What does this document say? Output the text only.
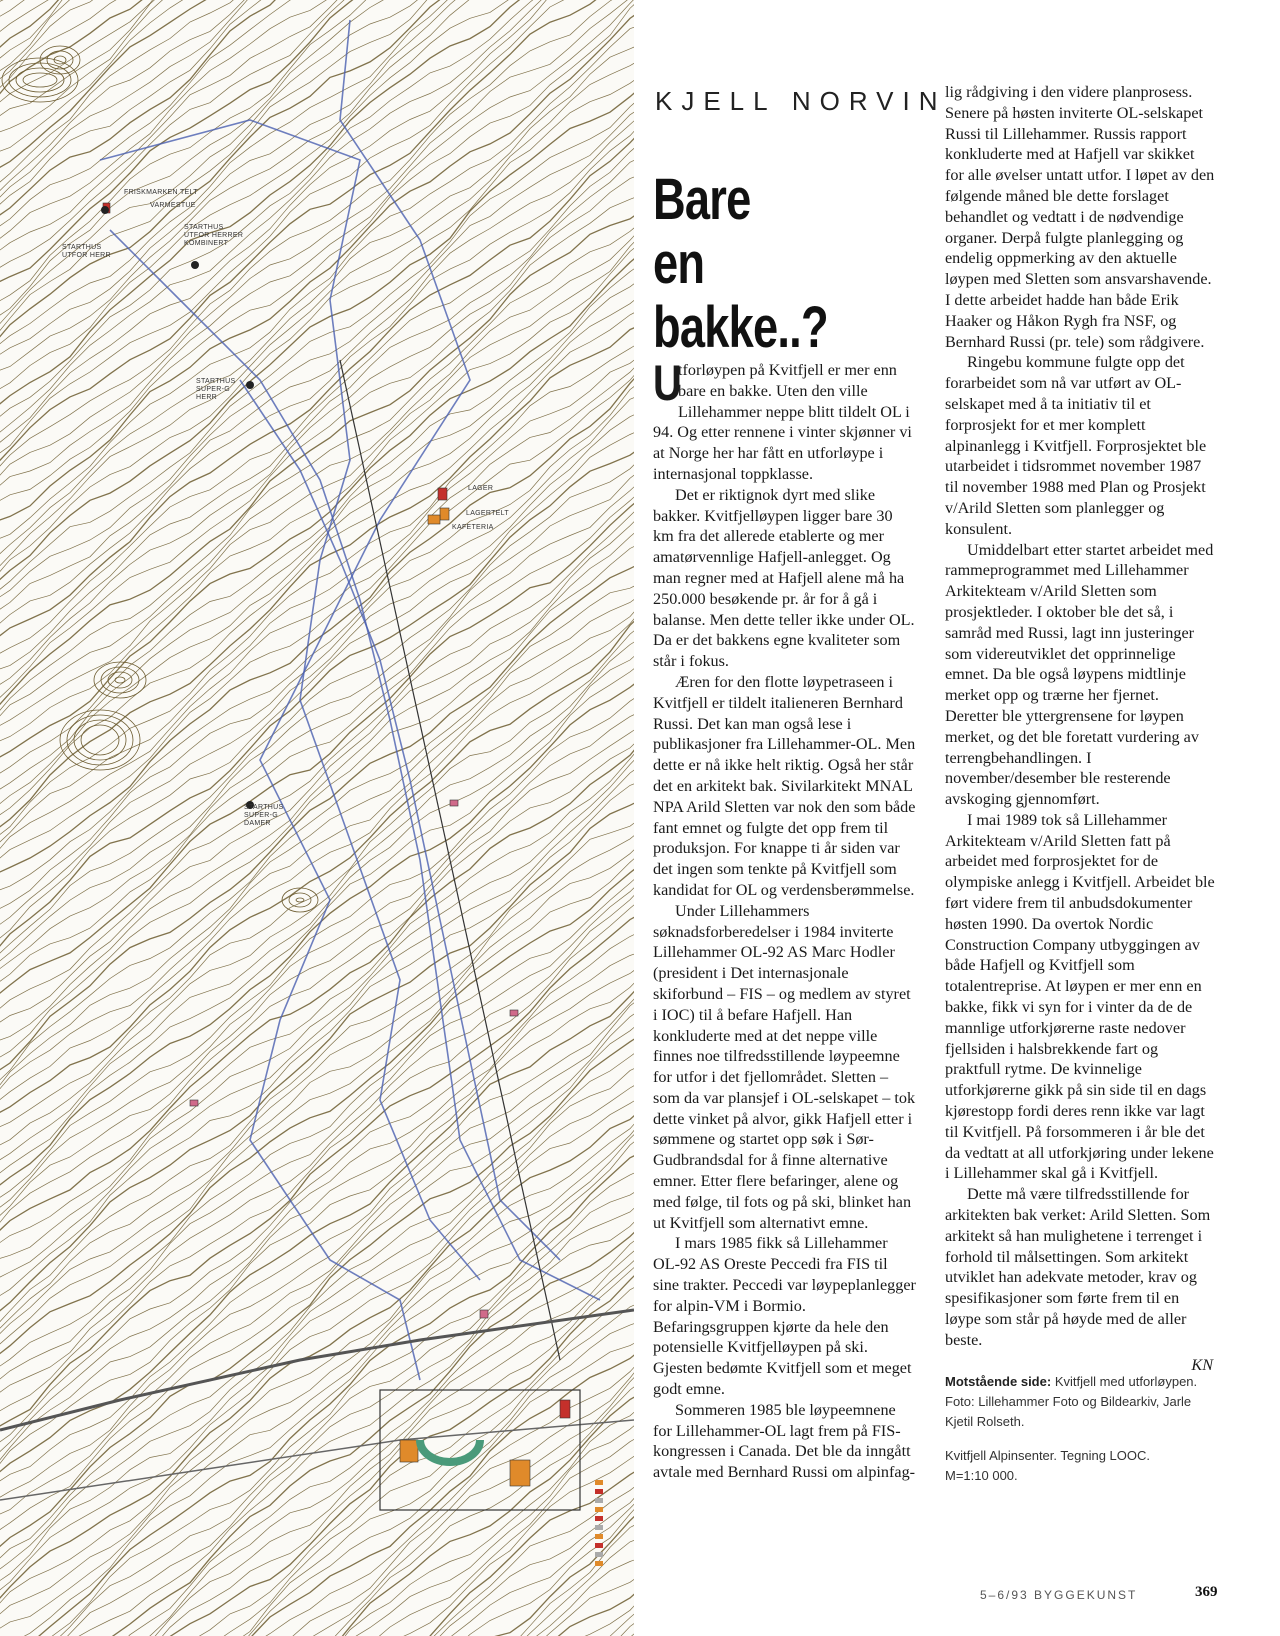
FRISKMARKEN TELT
VARMESTUE
STARTHUS
UTFOR HERRER
KOMBINERT
STARTHUS
UTFOR HERR
STARTHUS
SUPER-G
HERR
LAGER
LAGERTELT
KAFETERIA
STARTHUS
SUPER-G
DAMER
KJELL NORVIN
Bare
en bakke..?

U
tforløypen på Kvitfjell er mer enn bare en bakke. Uten den ville Lillehammer neppe blitt tildelt OL i 94. Og etter rennene i vinter skjønner vi at Norge her har fått en utforløype i internasjonal toppklasse.

Det er riktignok dyrt med slike bakker. Kvitfjelløypen ligger bare 30 km fra det allerede etablerte og mer amatørvennlige Hafjell-anlegget. Og man regner med at Hafjell alene må ha 250.000 besøkende pr. år for å gå i balanse. Men dette teller ikke under OL. Da er det bakkens egne kvaliteter som står i fokus.

Æren for den flotte løypetraseen i Kvitfjell er tildelt italieneren Bernhard Russi. Det kan man også lese i publikasjoner fra Lillehammer-OL. Men dette er nå ikke helt riktig. Også her står det en arkitekt bak. Sivilarkitekt MNAL NPA Arild Sletten var nok den som både fant emnet og fulgte det opp frem til produksjon. For knappe ti år siden var det ingen som tenkte på Kvitfjell som kandidat for OL og verdensberømmelse.

Under Lillehammers søknadsforberedelser i 1984 inviterte Lillehammer OL-92 AS Marc Hodler (president i Det internasjonale skiforbund – FIS – og medlem av styret i IOC) til å befare Hafjell. Han konkluderte med at det neppe ville finnes noe tilfredsstillende løypeemne for utfor i det fjellområdet. Sletten – som da var plansjef i OL-selskapet – tok dette vinket på alvor, gikk Hafjell etter i sømmene og startet opp søk i Sør-Gudbrandsdal for å finne alternative emner. Etter flere befaringer, alene og med følge, til fots og på ski, blinket han ut Kvitfjell som alternativt emne.

I mars 1985 fikk så Lillehammer OL-92 AS Oreste Peccedi fra FIS til sine trakter. Peccedi var løypeplanlegger for alpin-VM i Bormio. Befaringsgruppen kjørte da hele den potensielle Kvitfjelløypen på ski. Gjesten bedømte Kvitfjell som et meget godt emne.

Sommeren 1985 ble løypeemnene for Lillehammer-OL lagt frem på FIS-kongressen i Canada. Det ble da inngått avtale med Bernhard Russi om alpinfag-

lig rådgiving i den videre planprosess. Senere på høsten inviterte OL-selskapet Russi til Lillehammer. Russis rapport konkluderte med at Hafjell var skikket for alle øvelser untatt utfor. I løpet av den følgende måned ble dette forslaget behandlet og vedtatt i de nødvendige organer. Derpå fulgte planlegging og endelig oppmerking av den aktuelle løypen med Sletten som ansvarshavende. I dette arbeidet hadde han både Erik Haaker og Håkon Rygh fra NSF, og Bernhard Russi (pr. tele) som rådgivere.

Ringebu kommune fulgte opp det forarbeidet som nå var utført av OL-selskapet med å ta initiativ til et forprosjekt for et mer komplett alpinanlegg i Kvitfjell. Forprosjektet ble utarbeidet i tidsrommet november 1987 til november 1988 med Plan og Prosjekt v/Arild Sletten som planlegger og konsulent.

Umiddelbart etter startet arbeidet med rammeprogrammet med Lillehammer Arkitekteam v/Arild Sletten som prosjektleder. I oktober ble det så, i samråd med Russi, lagt inn justeringer som videreutviklet det opprinnelige emnet. Da ble også løypens midtlinje merket opp og trærne her fjernet. Deretter ble yttergrensene for løypen merket, og det ble foretatt vurdering av terrengbehandlingen. I november/desember ble resterende avskoging gjennomført.

I mai 1989 tok så Lillehammer Arkitekteam v/Arild Sletten fatt på arbeidet med forprosjektet for de olympiske anlegg i Kvitfjell. Arbeidet ble ført videre frem til anbudsdokumenter høsten 1990. Da overtok Nordic Construction Company utbyggingen av både Hafjell og Kvitfjell som totalentreprise. At løypen er mer enn en bakke, fikk vi syn for i vinter da de de mannlige utforkjørerne raste nedover fjellsiden i halsbrekkende fart og praktfull rytme. De kvinnelige utforkjørerne gikk på sin side til en dags kjørestopp fordi deres renn ikke var lagt til Kvitfjell. På forsommeren i år ble det da vedtatt at all utforkjøring under lekene i Lillehammer skal gå i Kvitfjell.

Dette må være tilfredsstillende for arkitekten bak verket: Arild Sletten. Som arkitekt så han mulighetene i terrenget i forhold til målsettingen. Som arkitekt utviklet han adekvate metoder, krav og spesifikasjoner som førte frem til en løype som står på høyde med de aller beste.

KN
Motstående side: Kvitfjell med utforløypen. Foto: Lillehammer Foto og Bildearkiv, Jarle Kjetil Rolseth.
Kvitfjell Alpinsenter. Tegning LOOC. M=1:10 000.
5–6/93 BYGGEKUNST	369
